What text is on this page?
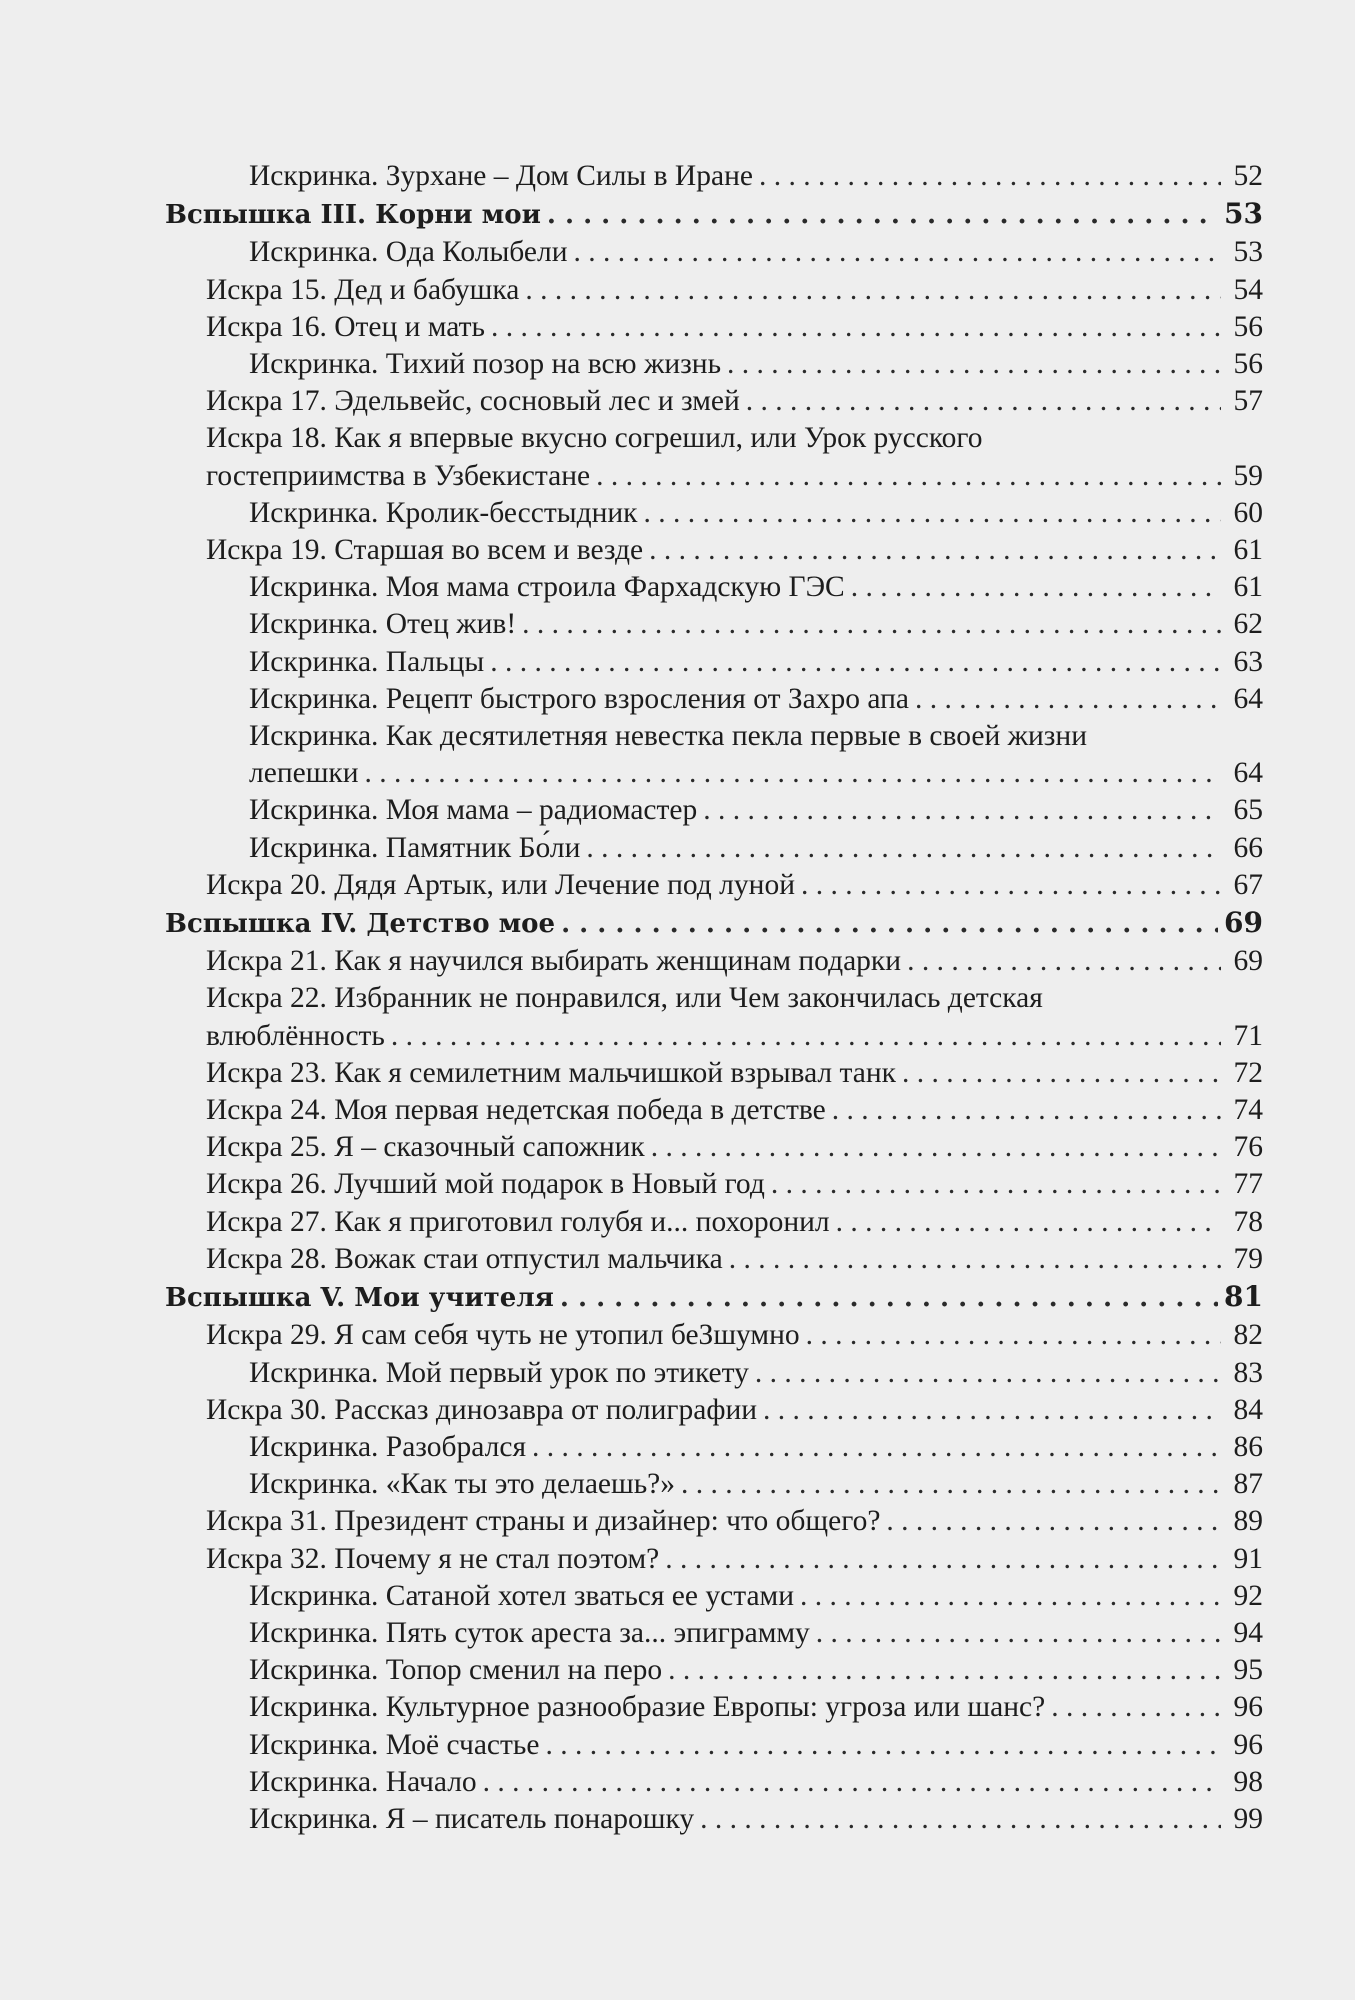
Искринка. Зурхане – Дом Силы в Иране . . .	52
Вспышка III. Корни мои . . .	53
Искринка. Ода Колыбели . . .	53
Искра 15. Дед и бабушка . . .	54
Искра 16. Отец и мать . . .	56
Искринка. Тихий позор на всю жизнь . . .	56
Искра 17. Эдельвейс, сосновый лес и змей . . .	57
Искра 18. Как я впервые вкусно согрешил, или Урок русского
гостеприимства в Узбекистане . . .	59
Искринка. Кролик-бесстыдник . . .	60
Искра 19. Старшая во всем и везде . . .	61
Искринка. Моя мама строила Фархадскую ГЭС . . .	61
Искринка. Отец жив! . . .	62
Искринка. Пальцы . . .	63
Искринка. Рецепт быстрого взросления от Захро апа . . .	64
Искринка. Как десятилетняя невестка пекла первые в своей жизни
лепешки . . .	64
Искринка. Моя мама – радиомастер . . .	65
Искринка. Памятник Бо́ли . . .	66
Искра 20. Дядя Артык, или Лечение под луной . . .	67
Вспышка IV. Детство мое . . .	69
Искра 21. Как я научился выбирать женщинам подарки . . .	69
Искра 22. Избранник не понравился, или Чем закончилась детская
влюблённость . . .	71
Искра 23. Как я семилетним мальчишкой взрывал танк . . .	72
Искра 24. Моя первая недетская победа в детстве . . .	74
Искра 25. Я – сказочный сапожник . . .	76
Искра 26. Лучший мой подарок в Новый год . . .	77
Искра 27. Как я приготовил голубя и... похоронил . . .	78
Искра 28. Вожак стаи отпустил мальчика . . .	79
Вспышка V. Мои учителя . . .	81
Искра 29. Я сам себя чуть не утопил беЗшумно . . .	82
Искринка. Мой первый урок по этикету . . .	83
Искра 30. Рассказ динозавра от полиграфии . . .	84
Искринка. Разобрался . . .	86
Искринка. «Как ты это делаешь?» . . .	87
Искра 31. Президент страны и дизайнер: что общего? . . .	89
Искра 32. Почему я не стал поэтом? . . .	91
Искринка. Сатаной хотел зваться ее устами . . .	92
Искринка. Пять суток ареста за... эпиграмму . . .	94
Искринка. Топор сменил на перо . . .	95
Искринка. Культурное разнообразие Европы: угроза или шанс? . . .	96
Искринка. Моё счастье . . .	96
Искринка. Начало . . .	98
Искринка. Я – писатель понарошку . . .	99
